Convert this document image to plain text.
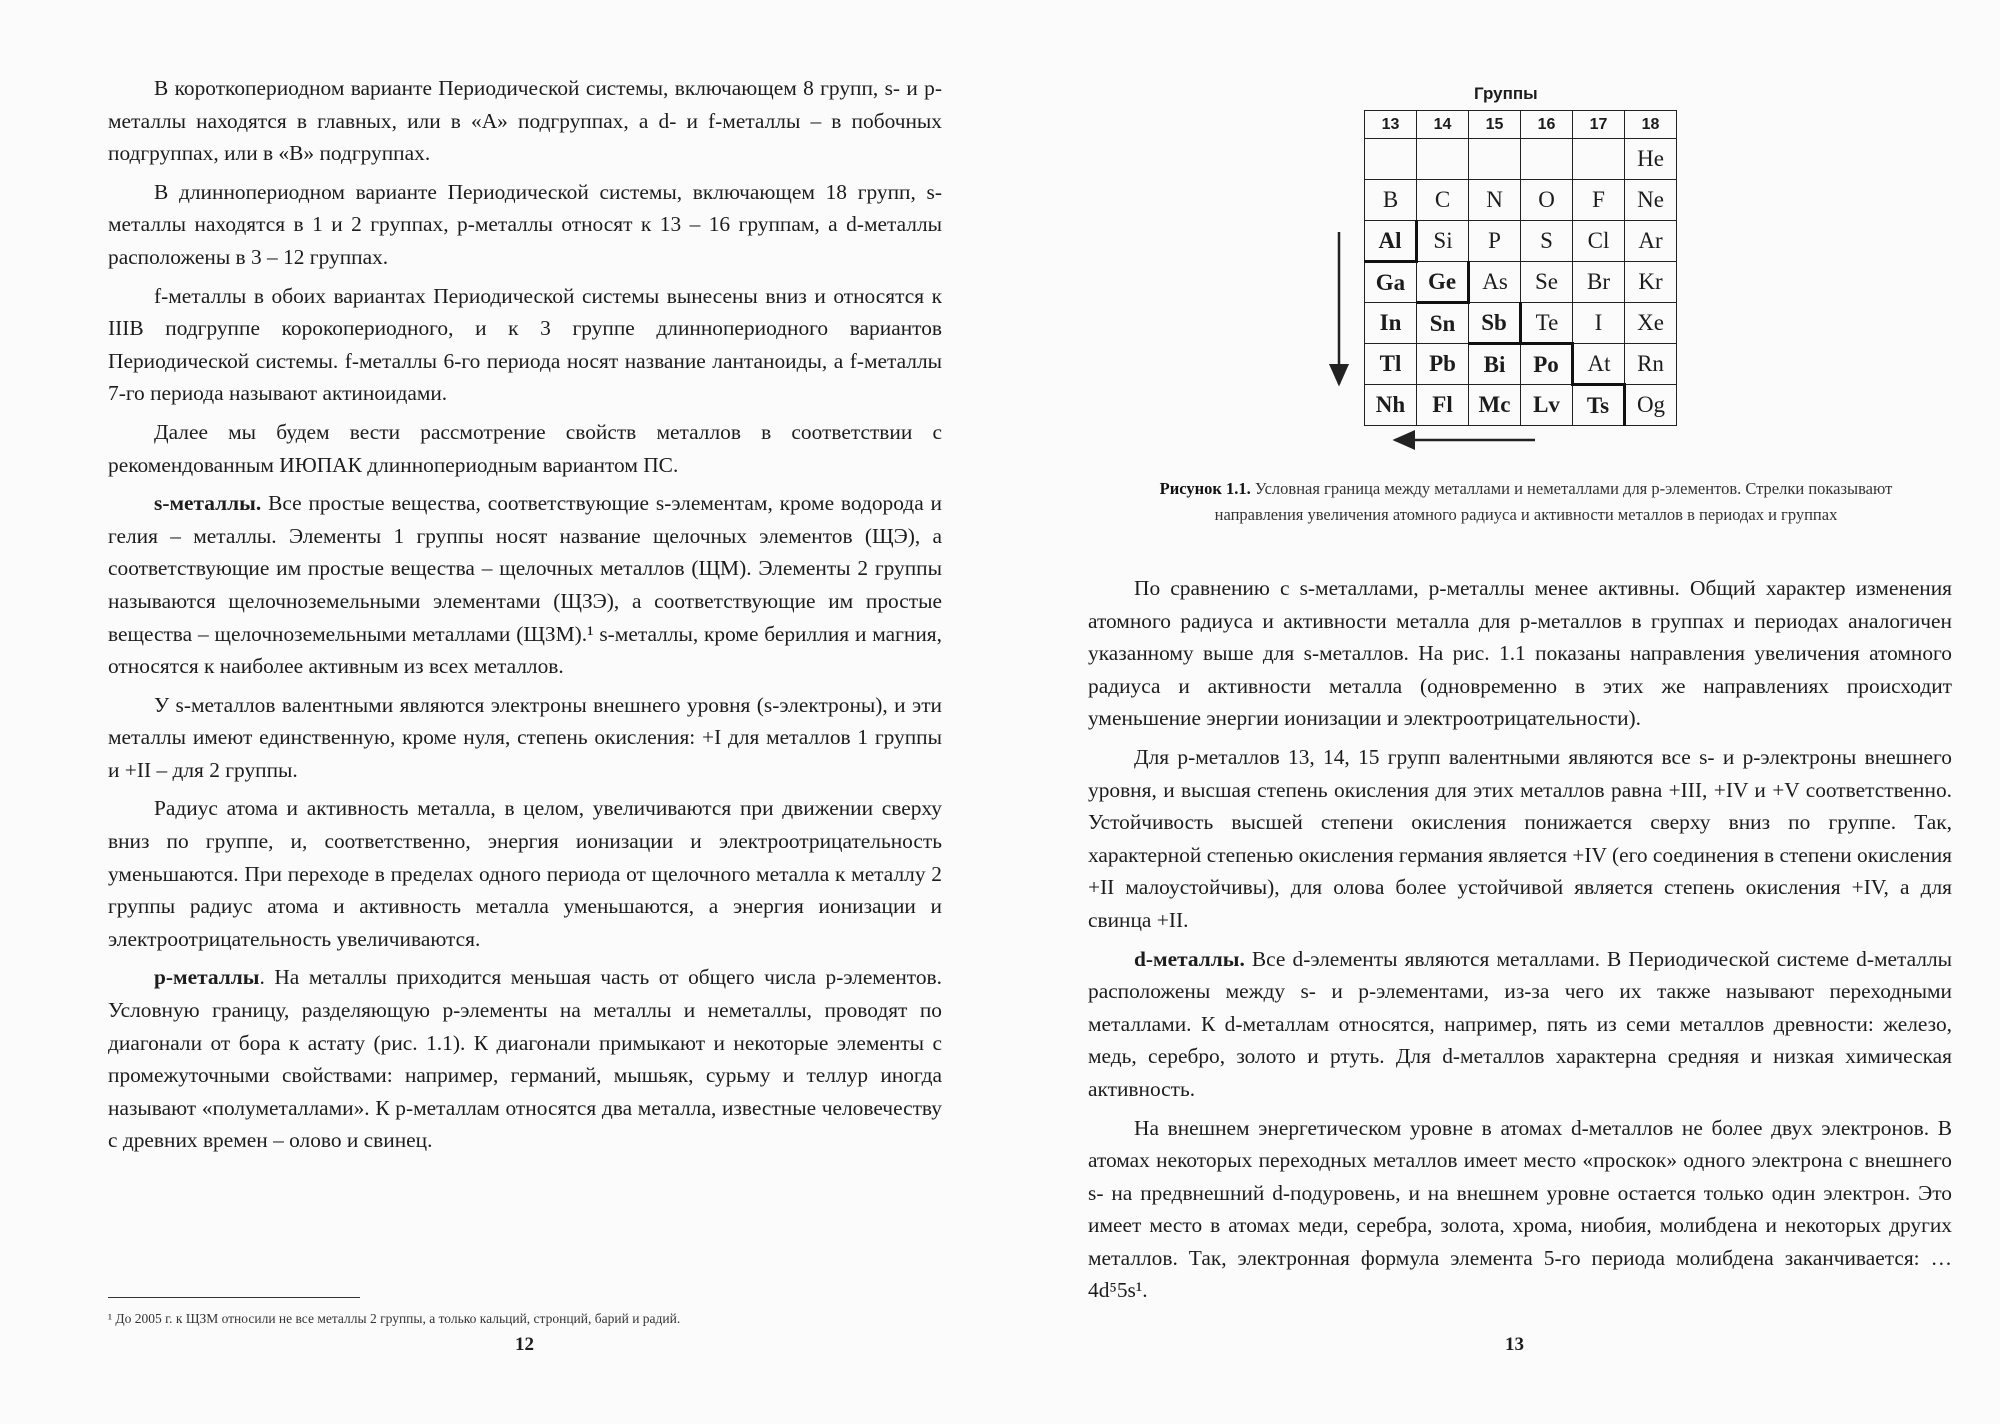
В короткопериодном варианте Периодической системы, включающем 8 групп, s- и p-металлы находятся в главных, или в «А» подгруппах, а d- и f-металлы – в побочных подгруппах, или в «В» подгруппах.

В длиннопериодном варианте Периодической системы, включающем 18 групп, s-металлы находятся в 1 и 2 группах, p-металлы относят к 13 – 16 группам, а d-металлы расположены в 3 – 12 группах.

f-металлы в обоих вариантах Периодической системы вынесены вниз и относятся к IIIB подгруппе корокопериодного, и к 3 группе длиннопериодного вариантов Периодической системы. f-металлы 6-го периода носят название лантаноиды, а f-металлы 7-го периода называют актиноидами.

Далее мы будем вести рассмотрение свойств металлов в соответствии с рекомендованным ИЮПАК длиннопериодным вариантом ПС.

s-металлы. Все простые вещества, соответствующие s-элементам, кроме водорода и гелия – металлы. Элементы 1 группы носят название щелочных элементов (ЩЭ), а соответствующие им простые вещества – щелочных металлов (ЩМ). Элементы 2 группы называются щелочноземельными элементами (ЩЗЭ), а соответствующие им простые вещества – щелочноземельными металлами (ЩЗМ).¹ s-металлы, кроме бериллия и магния, относятся к наиболее активным из всех металлов.

У s-металлов валентными являются электроны внешнего уровня (s-электроны), и эти металлы имеют единственную, кроме нуля, степень окисления: +I для металлов 1 группы и +II – для 2 группы.

Радиус атома и активность металла, в целом, увеличиваются при движении сверху вниз по группе, и, соответственно, энергия ионизации и электроотрицательность уменьшаются. При переходе в пределах одного периода от щелочного металла к металлу 2 группы радиус атома и активность металла уменьшаются, а энергия ионизации и электроотрицательность увеличиваются.

p-металлы. На металлы приходится меньшая часть от общего числа p-элементов. Условную границу, разделяющую p-элементы на металлы и неметаллы, проводят по диагонали от бора к астату (рис. 1.1). К диагонали примыкают и некоторые элементы с промежуточными свойствами: например, германий, мышьяк, сурьму и теллур иногда называют «полуметаллами». К p-металлам относятся два металла, известные человечеству с древних времен – олово и свинец.

¹ До 2005 г. к ЩЗМ относили не все металлы 2 группы, а только кальций, стронций, барий и радий.
12
Группы
13	14	15	16	17	18
					He
B	C	N	O	F	Ne
Al	Si	P	S	Cl	Ar
Ga	Ge	As	Se	Br	Kr
In	Sn	Sb	Te	I	Xe
Tl	Pb	Bi	Po	At	Rn
Nh	Fl	Mc	Lv	Ts	Og
Рисунок 1.1. Условная граница между металлами и неметаллами для p-элементов. Стрелки показывают направления увеличения атомного радиуса и активности металлов в периодах и группах

По сравнению с s-металлами, p-металлы менее активны. Общий характер изменения атомного радиуса и активности металла для p-металлов в группах и периодах аналогичен указанному выше для s-металлов. На рис. 1.1 показаны направления увеличения атомного радиуса и активности металла (одновременно в этих же направлениях происходит уменьшение энергии ионизации и электроотрицательности).

Для p-металлов 13, 14, 15 групп валентными являются все s- и p-электроны внешнего уровня, и высшая степень окисления для этих металлов равна +III, +IV и +V соответственно. Устойчивость высшей степени окисления понижается сверху вниз по группе. Так, характерной степенью окисления германия является +IV (его соединения в степени окисления +II малоустойчивы), для олова более устойчивой является степень окисления +IV, а для свинца +II.

d-металлы. Все d-элементы являются металлами. В Периодической системе d-металлы расположены между s- и p-элементами, из-за чего их также называют переходными металлами. К d-металлам относятся, например, пять из семи металлов древности: железо, медь, серебро, золото и ртуть. Для d-металлов характерна средняя и низкая химическая активность.

На внешнем энергетическом уровне в атомах d-металлов не более двух электронов. В атомах некоторых переходных металлов имеет место «проскок» одного электрона с внешнего s- на предвнешний d-подуровень, и на внешнем уровне остается только один электрон. Это имеет место в атомах меди, серебра, золота, хрома, ниобия, молибдена и некоторых других металлов. Так, электронная формула элемента 5-го периода молибдена заканчивается: …4d⁵5s¹.

13
